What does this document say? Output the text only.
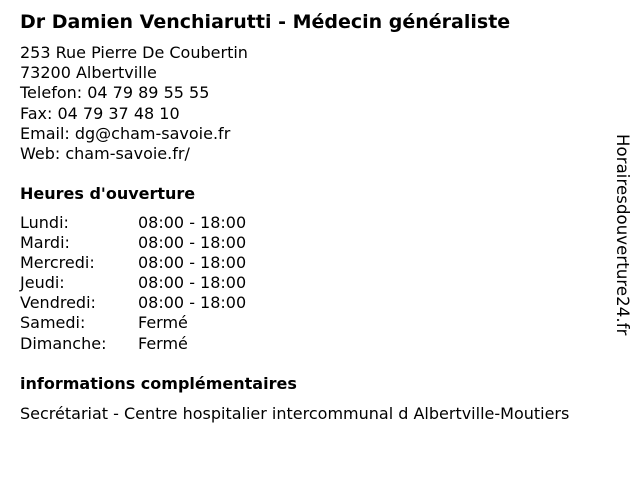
Dr Damien Venchiarutti - Médecin généraliste
253 Rue Pierre De Coubertin
73200 Albertville
Telefon: 04 79 89 55 55
Fax: 04 79 37 48 10
Email: dg@cham-savoie.fr
Web: cham-savoie.fr/
Heures d'ouverture
Lundi:	08:00 - 18:00
Mardi:	08:00 - 18:00
Mercredi:	08:00 - 18:00
Jeudi:	08:00 - 18:00
Vendredi:	08:00 - 18:00
Samedi:	Fermé
Dimanche: Fermé
informations complémentaires
Secrétariat - Centre hospitalier intercommunal d Albertville-Moutiers
Horairesdouverture24.fr
